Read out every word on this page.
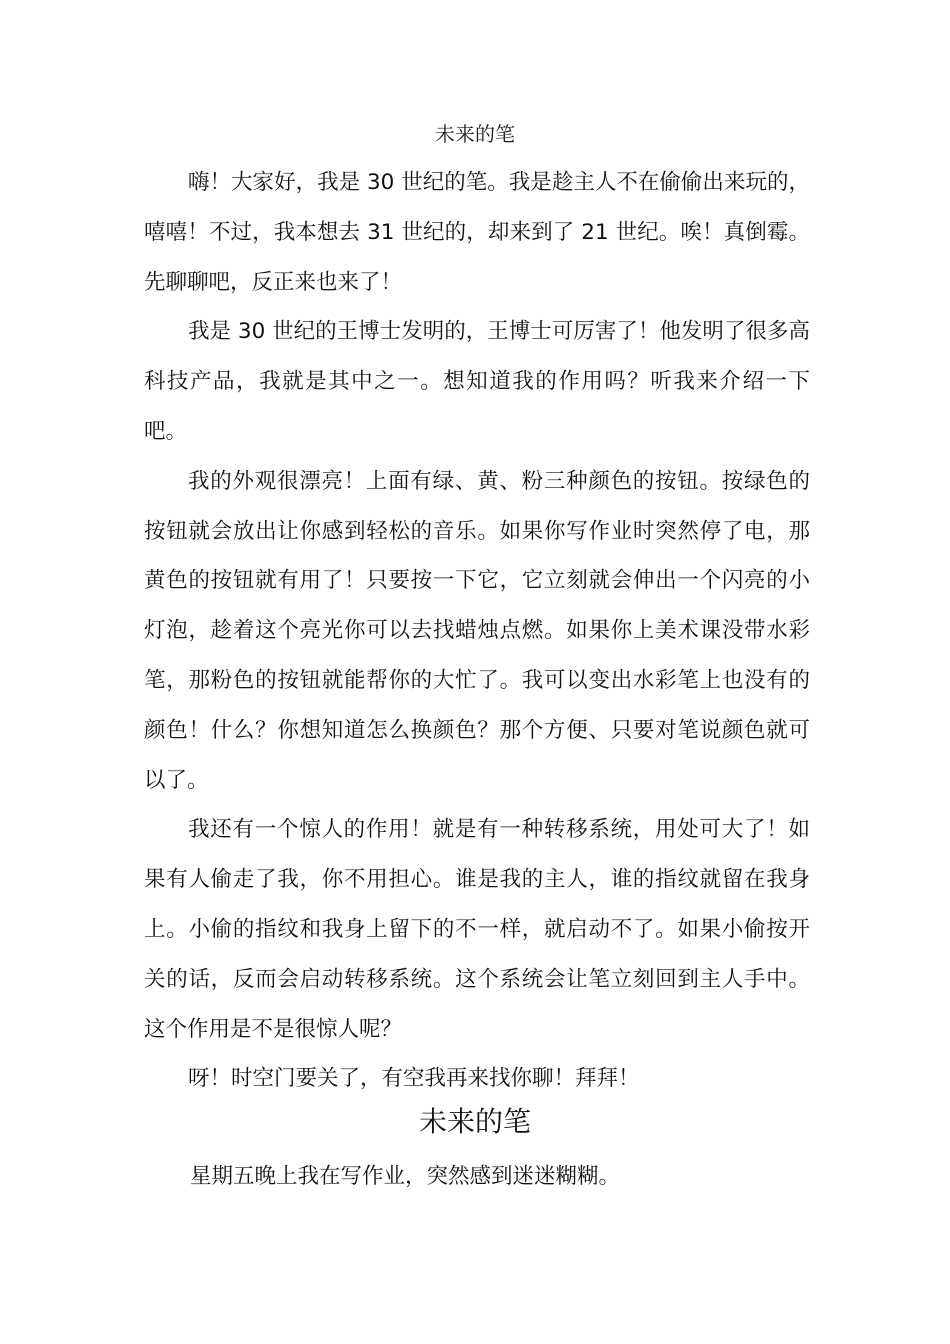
未来的笔

嗨！大家好，我是 30 世纪的笔。我是趁主人不在偷偷出来玩的，嘻嘻！不过，我本想去 31 世纪的，却来到了 21 世纪。唉！真倒霉。先聊聊吧，反正来也来了！

我是 30 世纪的王博士发明的，王博士可厉害了！他发明了很多高科技产品，我就是其中之一。想知道我的作用吗？听我来介绍一下吧。

我的外观很漂亮！上面有绿、黄、粉三种颜色的按钮。按绿色的按钮就会放出让你感到轻松的音乐。如果你写作业时突然停了电，那黄色的按钮就有用了！只要按一下它，它立刻就会伸出一个闪亮的小灯泡，趁着这个亮光你可以去找蜡烛点燃。如果你上美术课没带水彩笔，那粉色的按钮就能帮你的大忙了。我可以变出水彩笔上也没有的颜色！什么？你想知道怎么换颜色？那个方便、只要对笔说颜色就可以了。

我还有一个惊人的作用！就是有一种转移系统，用处可大了！如果有人偷走了我，你不用担心。谁是我的主人，谁的指纹就留在我身上。小偷的指纹和我身上留下的不一样，就启动不了。如果小偷按开关的话，反而会启动转移系统。这个系统会让笔立刻回到主人手中。这个作用是不是很惊人呢？

呀！时空门要关了，有空我再来找你聊！拜拜！

未来的笔

星期五晚上我在写作业，突然感到迷迷糊糊。
